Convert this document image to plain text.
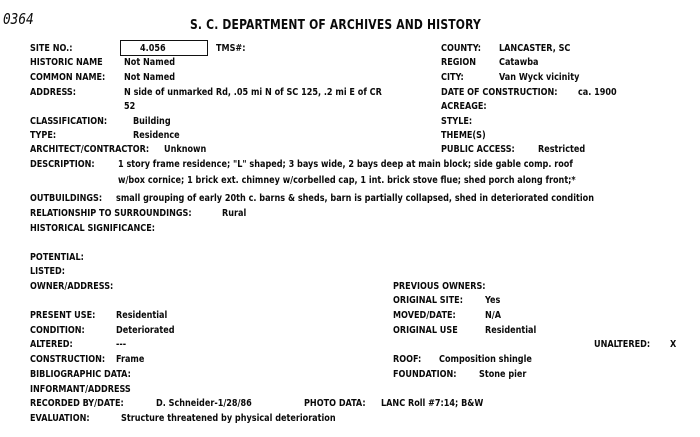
0364	S. C. DEPARTMENT OF ARCHIVES AND HISTORY
SITE NO.:	4.056	TMS#:	COUNTY: LANCASTER, SC
HISTORIC NAME Not Named	REGION Catawba
COMMON NAME: Not Named	CITY:	Van Wyck vicinity
ADDRESS:	N side of unmarked Rd, .05 mi N of SC 125, .2 mi E of CR
52
DATE OF CONSTRUCTION: ca. 1900
ACREAGE:
CLASSIFICATION:	Building	STYLE:
TYPE:	Residence	THEME(S)
ARCHITECT/CONTRACTOR: Unknown	PUBLIC ACCESS: Restricted
DESCRIPTION: 1 story frame residence; "L" shaped; 3 bays wide, 2 bays deep at main block; side gable comp. roof
w/box cornice; 1 brick ext. chimney w/corbelled cap, 1 int. brick stove flue; shed porch along front;*
OUTBUILDINGS: small grouping of early 20th c. barns & sheds, barn is partially collapsed, shed in deteriorated condition
RELATIONSHIP TO SURROUNDINGS:	Rural
HISTORICAL SIGNIFICANCE:
POTENTIAL:
LISTED:
OWNER/ADDRESS:	PREVIOUS OWNERS:
ORIGINAL SITE: Yes
PRESENT USE: Residential	MOVED/DATE:	N/A
CONDITION:	Deteriorated	ORIGINAL USE	Residential
ALTERED:	---	UNALTERED: X
CONSTRUCTION: Frame	ROOF: Composition shingle
BIBLIOGRAPHIC DATA:	FOUNDATION: Stone pier
INFORMANT/ADDRESS
RECORDED BY/DATE:	D. Schneider-1/28/86	PHOTO DATA: LANC Roll #7:14; B&W
EVALUATION:	Structure threatened by physical deterioration
